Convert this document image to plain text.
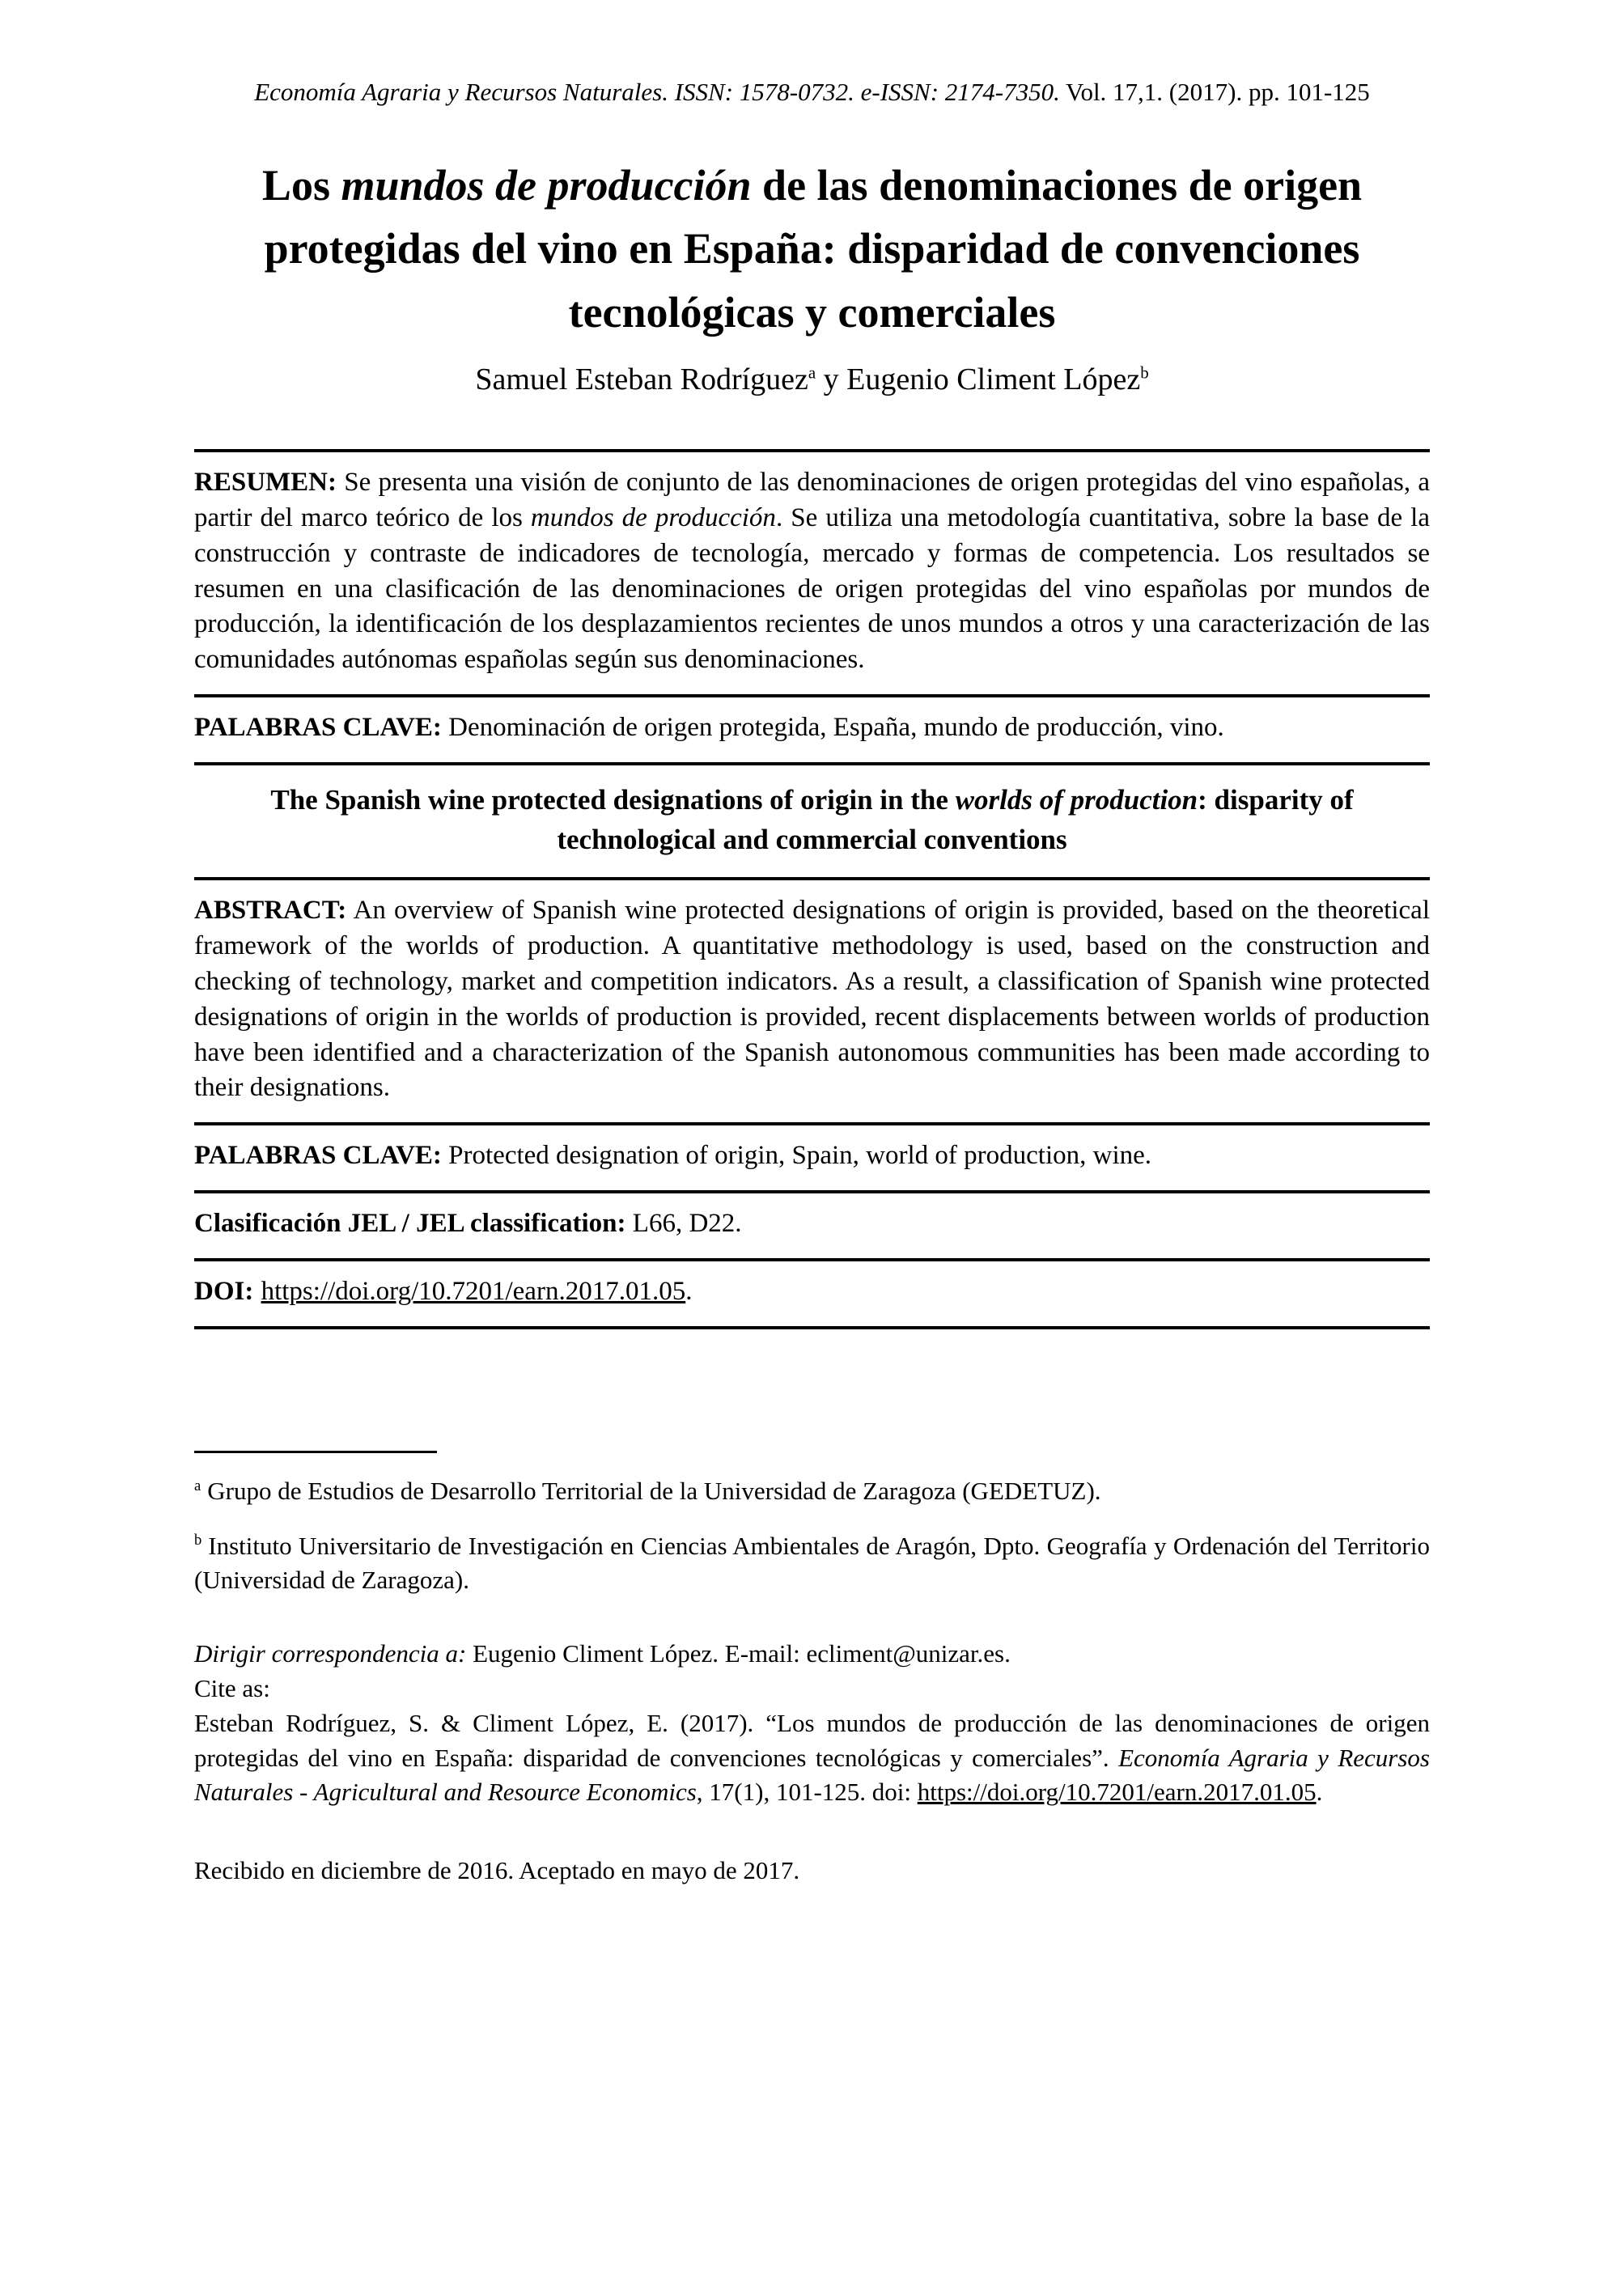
Economía Agraria y Recursos Naturales. ISSN: 1578-0732. e-ISSN: 2174-7350. Vol. 17,1. (2017). pp. 101-125
Los mundos de producción de las denominaciones de origen protegidas del vino en España: disparidad de convenciones tecnológicas y comerciales
Samuel Esteban Rodríguez$^a$ y Eugenio Climent López$^b$

RESUMEN: Se presenta una visión de conjunto de las denominaciones de origen protegidas del vino españolas, a partir del marco teórico de los mundos de producción. Se utiliza una metodología cuantitativa, sobre la base de la construcción y contraste de indicadores de tecnología, mercado y formas de competencia. Los resultados se resumen en una clasificación de las denominaciones de origen protegidas del vino españolas por mundos de producción, la identificación de los desplazamientos recientes de unos mundos a otros y una caracterización de las comunidades autónomas españolas según sus denominaciones.

PALABRAS CLAVE: Denominación de origen protegida, España, mundo de producción, vino.

The Spanish wine protected designations of origin in the worlds of production: disparity of technological and commercial conventions

ABSTRACT: An overview of Spanish wine protected designations of origin is provided, based on the theoretical framework of the worlds of production. A quantitative methodology is used, based on the construction and checking of technology, market and competition indicators. As a result, a classification of Spanish wine protected designations of origin in the worlds of production is provided, recent displacements between worlds of production have been identified and a characterization of the Spanish autonomous communities has been made according to their designations.

PALABRAS CLAVE: Protected designation of origin, Spain, world of production, wine.

Clasificación JEL / JEL classification: L66, D22.

DOI: https://doi.org/10.7201/earn.2017.01.05.

$^a$ Grupo de Estudios de Desarrollo Territorial de la Universidad de Zaragoza (GEDETUZ).

$^b$ Instituto Universitario de Investigación en Ciencias Ambientales de Aragón, Dpto. Geografía y Ordenación del Territorio (Universidad de Zaragoza).

Dirigir correspondencia a: Eugenio Climent López. E-mail: ecliment@unizar.es.

Cite as:

Esteban Rodríguez, S. & Climent López, E. (2017). “Los mundos de producción de las denominaciones de origen protegidas del vino en España: disparidad de convenciones tecnológicas y comerciales”. Economía Agraria y Recursos Naturales - Agricultural and Resource Economics, 17(1), 101-125. doi: https://doi.org/10.7201/earn.2017.01.05.

Recibido en diciembre de 2016. Aceptado en mayo de 2017.
